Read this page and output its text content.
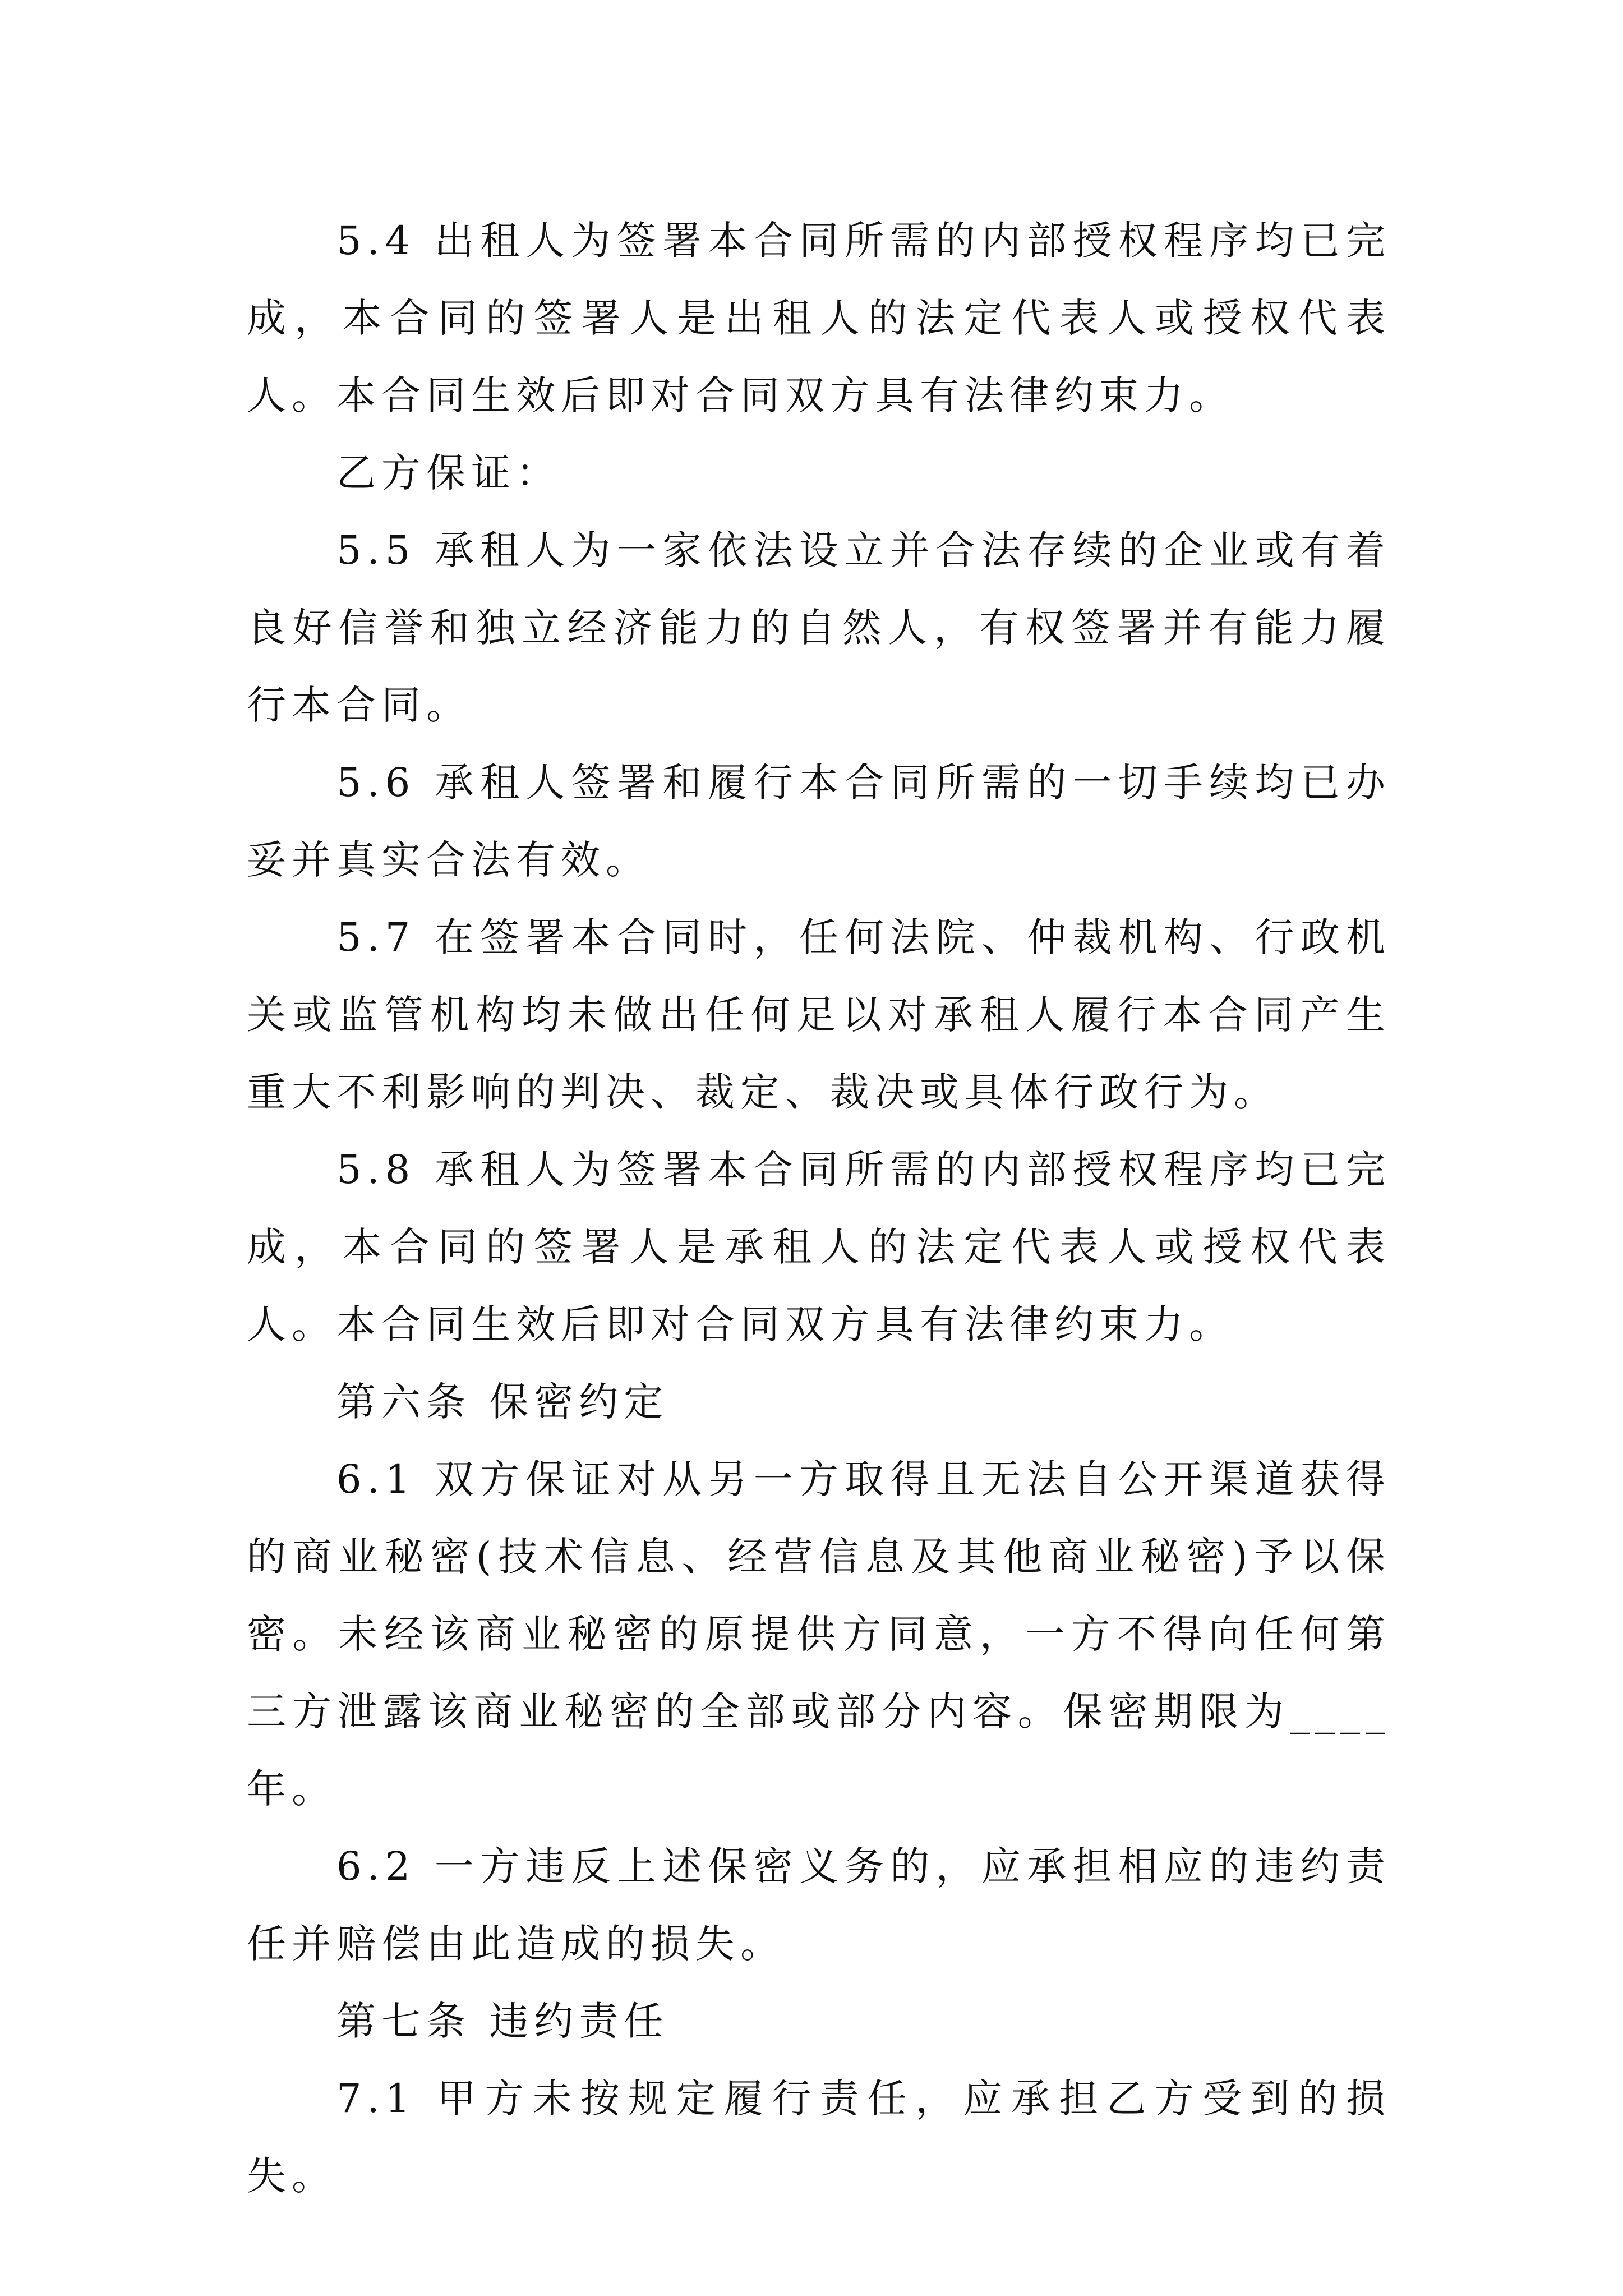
5.4 出租人为签署本合同所需的内部授权程序均已完成，本合同的签署人是出租人的法定代表人或授权代表人。本合同生效后即对合同双方具有法律约束力。

乙方保证：

5.5 承租人为一家依法设立并合法存续的企业或有着良好信誉和独立经济能力的自然人，有权签署并有能力履行本合同。

5.6 承租人签署和履行本合同所需的一切手续均已办妥并真实合法有效。

5.7 在签署本合同时，任何法院、仲裁机构、行政机关或监管机构均未做出任何足以对承租人履行本合同产生重大不利影响的判决、裁定、裁决或具体行政行为。

5.8 承租人为签署本合同所需的内部授权程序均已完成，本合同的签署人是承租人的法定代表人或授权代表人。本合同生效后即对合同双方具有法律约束力。

第六条 保密约定

6.1 双方保证对从另一方取得且无法自公开渠道获得的商业秘密(技术信息、经营信息及其他商业秘密)予以保密。未经该商业秘密的原提供方同意，一方不得向任何第三方泄露该商业秘密的全部或部分内容。保密期限为____年。

6.2 一方违反上述保密义务的，应承担相应的违约责任并赔偿由此造成的损失。

第七条 违约责任

7.1 甲方未按规定履行责任，应承担乙方受到的损失。
